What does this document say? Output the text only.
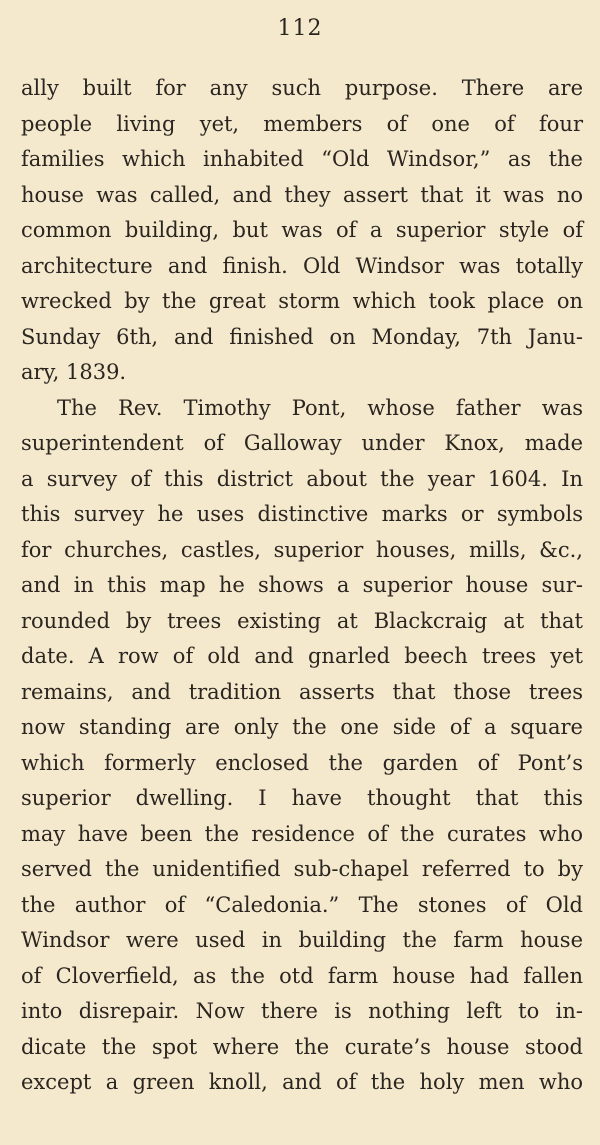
112
ally built for any such purpose. There are
people living yet, members of one of four
families which inhabited “Old Windsor,” as the
house was called, and they assert that it was no
common building, but was of a superior style of
architecture and finish. Old Windsor was totally
wrecked by the great storm which took place on
Sunday 6th, and finished on Monday, 7th Janu-
ary, 1839.
The Rev. Timothy Pont, whose father was
superintendent of Galloway under Knox, made
a survey of this district about the year 1604. In
this survey he uses distinctive marks or symbols
for churches, castles, superior houses, mills, &c.,
and in this map he shows a superior house sur-
rounded by trees existing at Blackcraig at that
date. A row of old and gnarled beech trees yet
remains, and tradition asserts that those trees
now standing are only the one side of a square
which formerly enclosed the garden of Pont’s
superior dwelling. I have thought that this
may have been the residence of the curates who
served the unidentified sub-chapel referred to by
the author of “Caledonia.” The stones of Old
Windsor were used in building the farm house
of Cloverfield, as the otd farm house had fallen
into disrepair. Now there is nothing left to in-
dicate the spot where the curate’s house stood
except a green knoll, and of the holy men who
